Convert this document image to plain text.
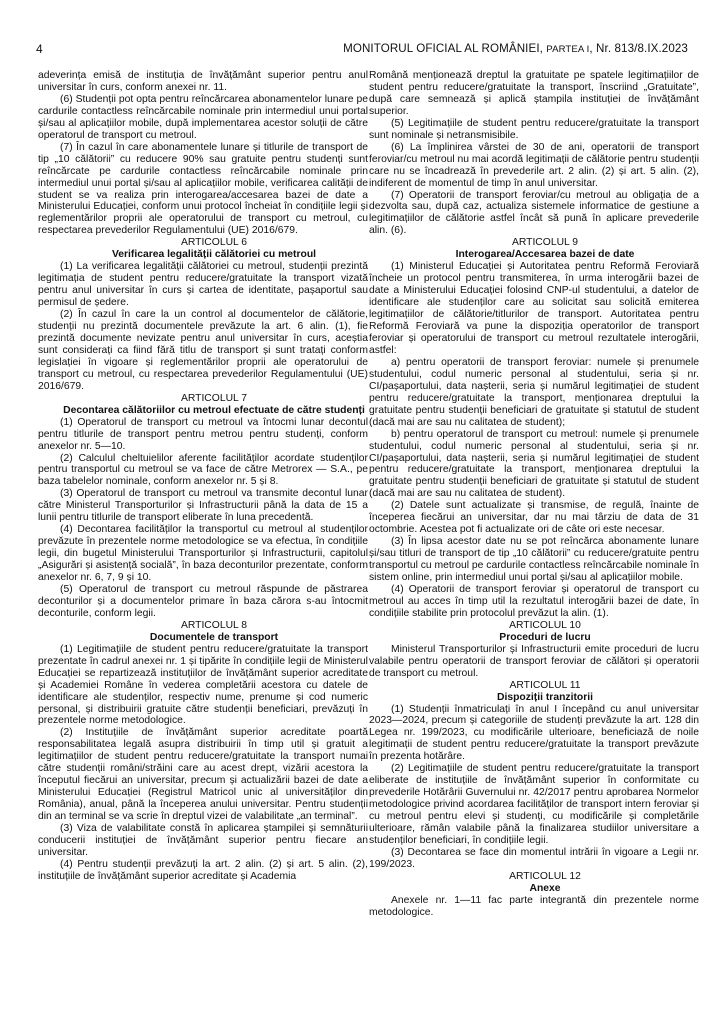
4	MONITORUL OFICIAL AL ROMÂNIEI, PARTEA I, Nr. 813/8.IX.2023

adeverința emisă de instituția de învățământ superior pentru anul universitar în curs, conform anexei nr. 11.

(6) Studenții pot opta pentru reîncărcarea abonamentelor lunare pe cardurile contactless reîncărcabile nominale prin intermediul unui portal și/sau al aplicațiilor mobile, după implementarea acestor soluții de către operatorul de transport cu metroul.

(7) În cazul în care abonamentele lunare și titlurile de transport de tip „10 călătorii” cu reducere 90% sau gratuite pentru studenți sunt reîncărcate pe cardurile contactless reîncărcabile nominale prin intermediul unui portal și/sau al aplicațiilor mobile, verificarea calității de student se va realiza prin interogarea/accesarea bazei de date a Ministerului Educației, conform unui protocol încheiat în condițiile legii și reglementărilor proprii ale operatorului de transport cu metroul, cu respectarea prevederilor Regulamentului (UE) 2016/679.

ARTICOLUL 6

Verificarea legalității călătoriei cu metroul

(1) La verificarea legalității călătoriei cu metroul, studenții prezintă legitimația de student pentru reducere/gratuitate la transport vizată pentru anul universitar în curs și cartea de identitate, pașaportul sau permisul de ședere.

(2) În cazul în care la un control al documentelor de călătorie, studenții nu prezintă documentele prevăzute la art. 6 alin. (1), fie prezintă documente nevizate pentru anul universitar în curs, aceștia sunt considerați ca fiind fără titlu de transport și sunt tratați conform legislației în vigoare și reglementărilor proprii ale operatorului de transport cu metroul, cu respectarea prevederilor Regulamentului (UE) 2016/679.

ARTICOLUL 7

Decontarea călătoriilor cu metroul efectuate de către studenți

(1) Operatorul de transport cu metroul va întocmi lunar decontul pentru titlurile de transport pentru metrou pentru studenți, conform anexelor nr. 5—10.

(2) Calculul cheltuielilor aferente facilităților acordate studenților pentru transportul cu metroul se va face de către Metrorex — S.A., pe baza tabelelor nominale, conform anexelor nr. 5 și 8.

(3) Operatorul de transport cu metroul va transmite decontul lunar către Ministerul Transporturilor și Infrastructurii până la data de 15 a lunii pentru titlurile de transport eliberate în luna precedentă.

(4) Decontarea facilităților la transportul cu metroul al studenților prevăzute în prezentele norme metodologice se va efectua, în condițiile legii, din bugetul Ministerului Transporturilor și Infrastructurii, capitolul „Asigurări și asistență socială”, în baza deconturilor prezentate, conform anexelor nr. 6, 7, 9 și 10.

(5) Operatorul de transport cu metroul răspunde de păstrarea deconturilor și a documentelor primare în baza cărora s-au întocmit deconturile, conform legii.

ARTICOLUL 8

Documentele de transport

(1) Legitimațiile de student pentru reducere/gratuitate la transport prezentate în cadrul anexei nr. 1 și tipărite în condițiile legii de Ministerul Educației se repartizează instituțiilor de învățământ superior acreditate și Academiei Române în vederea completării acestora cu datele de identificare ale studenților, respectiv nume, prenume și cod numeric personal, și distribuirii gratuite către studenții beneficiari, prevăzuți în prezentele norme metodologice.

(2) Instituțiile de învățământ superior acreditate poartă responsabilitatea legală asupra distribuirii în timp util și gratuit a legitimațiilor de student pentru reducere/gratuitate la transport numai către studenții români/străini care au acest drept, vizării acestora la începutul fiecărui an universitar, precum și actualizării bazei de date a Ministerului Educației (Registrul Matricol unic al universităților din România), anual, până la începerea anului universitar. Pentru studenții din an terminal se va scrie în dreptul vizei de valabilitate „an terminal”.

(3) Viza de valabilitate constă în aplicarea ștampilei și semnăturii conducerii instituției de învățământ superior pentru fiecare an universitar.

(4) Pentru studenții prevăzuți la art. 2 alin. (2) și art. 5 alin. (2), instituțiile de învățământ superior acreditate și Academia

Română menționează dreptul la gratuitate pe spatele legitimațiilor de student pentru reducere/gratuitate la transport, înscriind „Gratuitate”, după care semnează și aplică ștampila instituției de învățământ superior.

(5) Legitimațiile de student pentru reducere/gratuitate la transport sunt nominale și netransmisibile.

(6) La împlinirea vârstei de 30 de ani, operatorii de transport feroviar/cu metroul nu mai acordă legitimații de călătorie pentru studenții care nu se încadrează în prevederile art. 2 alin. (2) și art. 5 alin. (2), indiferent de momentul de timp în anul universitar.

(7) Operatorii de transport feroviar/cu metroul au obligația de a dezvolta sau, după caz, actualiza sistemele informatice de gestiune a legitimațiilor de călătorie astfel încât să pună în aplicare prevederile alin. (6).

ARTICOLUL 9

Interogarea/Accesarea bazei de date

(1) Ministerul Educației și Autoritatea pentru Reformă Feroviară încheie un protocol pentru transmiterea, în urma interogării bazei de date a Ministerului Educației folosind CNP-ul studentului, a datelor de identificare ale studenților care au solicitat sau solicită emiterea legitimațiilor de călătorie/titlurilor de transport. Autoritatea pentru Reformă Feroviară va pune la dispoziția operatorilor de transport feroviar și operatorului de transport cu metroul rezultatele interogării, astfel:

a) pentru operatorii de transport feroviar: numele și prenumele studentului, codul numeric personal al studentului, seria și nr. CI/pașaportului, data nașterii, seria și numărul legitimației de student pentru reducere/gratuitate la transport, menționarea dreptului la gratuitate pentru studenții beneficiari de gratuitate și statutul de student (dacă mai are sau nu calitatea de student);

b) pentru operatorul de transport cu metroul: numele și prenumele studentului, codul numeric personal al studentului, seria și nr. CI/pașaportului, data nașterii, seria și numărul legitimației de student pentru reducere/gratuitate la transport, menționarea dreptului la gratuitate pentru studenții beneficiari de gratuitate și statutul de student (dacă mai are sau nu calitatea de student).

(2) Datele sunt actualizate și transmise, de regulă, înainte de începerea fiecărui an universitar, dar nu mai târziu de data de 31 octombrie. Acestea pot fi actualizate ori de câte ori este necesar.

(3) În lipsa acestor date nu se pot reîncărca abonamente lunare și/sau titluri de transport de tip „10 călătorii” cu reducere/gratuite pentru transportul cu metroul pe cardurile contactless reîncărcabile nominale în sistem online, prin intermediul unui portal și/sau al aplicațiilor mobile.

(4) Operatorii de transport feroviar și operatorul de transport cu metroul au acces în timp util la rezultatul interogării bazei de date, în condițiile stabilite prin protocolul prevăzut la alin. (1).

ARTICOLUL 10

Proceduri de lucru

Ministerul Transporturilor și Infrastructurii emite proceduri de lucru valabile pentru operatorii de transport feroviar de călători și operatorii de transport cu metroul.

ARTICOLUL 11

Dispoziții tranzitorii

(1) Studenții înmatriculați în anul I începând cu anul universitar 2023—2024, precum și categoriile de studenți prevăzute la art. 128 din Legea nr. 199/2023, cu modificările ulterioare, beneficiază de noile legitimații de student pentru reducere/gratuitate la transport prevăzute în prezenta hotărâre.

(2) Legitimațiile de student pentru reducere/gratuitate la transport eliberate de instituțiile de învățământ superior în conformitate cu prevederile Hotărârii Guvernului nr. 42/2017 pentru aprobarea Normelor metodologice privind acordarea facilităților de transport intern feroviar și cu metroul pentru elevi și studenți, cu modificările și completările ulterioare, rămân valabile până la finalizarea studiilor universitare a studenților beneficiari, în condițiile legii.

(3) Decontarea se face din momentul intrării în vigoare a Legii nr. 199/2023.

ARTICOLUL 12

Anexe

Anexele nr. 1—11 fac parte integrantă din prezentele norme metodologice.
